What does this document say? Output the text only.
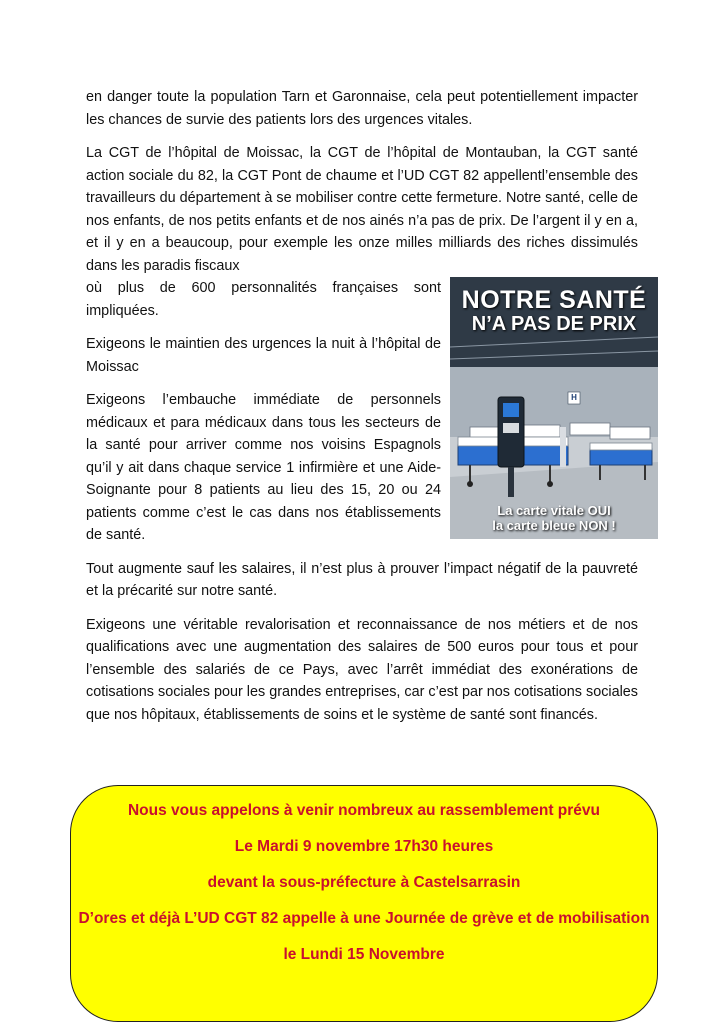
en danger toute la population Tarn et Garonnaise, cela peut potentiellement impacter les chances de survie des patients lors des urgences vitales.

La CGT de l’hôpital de Moissac, la CGT de l’hôpital de Montauban, la CGT santé action sociale du 82, la CGT Pont de chaume et l’UD CGT 82 appellentl’ensemble des travailleurs du département à se mobiliser contre cette fermeture. Notre santé, celle de nos enfants, de nos petits enfants et de nos ainés n’a pas de prix. De l’argent il y en a, et il y en a beaucoup, pour exemple les onze milles milliards des riches dissimulés dans les paradis fiscaux

où plus de 600 personnalités françaises sont impliquées.

Exigeons le maintien des urgences la nuit à l’hôpital de Moissac

Exigeons l’embauche immédiate de personnels médicaux et para médicaux dans tous les secteurs de la santé pour arriver comme nos voisins Espagnols qu’il y ait dans chaque service 1 infirmière et une Aide-Soignante pour 8 patients au lieu des 15, 20 ou 24 patients comme c’est le cas dans nos établissements de santé.

Tout augmente sauf les salaires, il n’est plus à prouver l’impact négatif de la pauvreté et la précarité sur notre santé.

Exigeons une véritable revalorisation et reconnaissance de nos métiers et de nos qualifications avec une augmentation des salaires de 500 euros pour tous et pour l’ensemble des salariés de ce Pays, avec l’arrêt immédiat des exonérations de cotisations sociales pour les grandes entreprises, car c’est par nos cotisations sociales que nos hôpitaux, établissements de soins et le système de santé sont financés.

NOTRE SANTÉ
N’A PAS DE PRIX
H
La carte vitale OUI
la carte bleue NON !

Nous vous appelons à venir nombreux au rassemblement prévu

Le Mardi 9 novembre 17h30 heures

devant la sous-préfecture à Castelsarrasin

D’ores et déjà L’UD CGT 82 appelle à une Journée de grève et de mobilisation

le Lundi 15 Novembre
